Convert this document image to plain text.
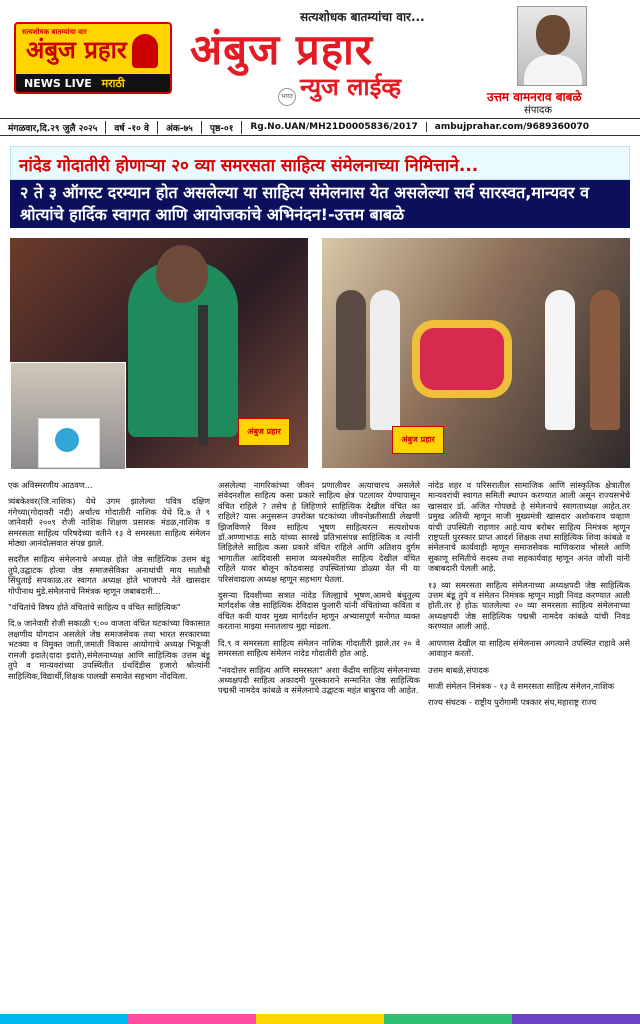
सत्यशोधक बातम्यांचा वार
अंबुज प्रहार
NEWS LIVE मराठी
सत्यशोधक बातम्यांचा वार...
अंबुज प्रहार
न्युज लाईव्ह
भारत	उत्तम वामनराव बाबळे
संपादक
मंगळवार,दि.२९ जुलै २०२५	वर्ष -१० वे	अंक-७५	पृष्ठ-०१	Rg.No.UAN/MH21D0005836/2017	ambujprahar.com/9689360070
नांदेड गोदातीरी होणाऱ्या २० व्या समरसता साहित्य संमेलनाच्या निमित्ताने...
२ ते ३ ऑगस्ट दरम्यान होत असलेल्या या साहित्य संमेलनास येत असलेल्या सर्व सारस्वत,मान्यवर व श्रोत्यांचे हार्दिक स्वागत आणि आयोजकांचे अभिनंदन!-उत्तम बाबळे
अंबुज प्रहार
अंबुज प्रहार

एक अविस्मरणीय आठवण...

त्र्यंबकेश्वर(जि.नाशिक) येथे उगम झालेल्या पवित्र दक्षिण गंगेच्या(गोदावरी नदी) अर्थात्च गोदातीरी नाशिक येथे दि.७ ते ९ जानेवारी २००९ रोजी नाशिक शिक्षण प्रसारक मंडळ,नाशिक व समरसता साहित्य परिषदेच्या वतीने १३ वे समरसता साहित्य संमेलन मोठ्या आनंदोत्सवात संपन्न झाले.

सदरील साहित्य संमेलनाचे अध्यक्ष होते जेष्ठ साहित्यिक उत्तम बंडू तुपे,उद्घाटक होत्या जेष्ठ समाजसेविका अनाथांची माय मातोश्री सिंधुताई सपकाळ.तर स्वागत अध्यक्ष होते भाजपचे नेते खासदार गोपीनाथ मुंडे.संमेलनाचे निमंत्रक म्हणून जबाबदारी...

"वंचितांचे विषय होते वंचितांचे साहित्य व वंचित साहित्यिक"

दि.७ जानेवारी रोजी सकाळी ९:०० वाजता वंचित घटकांच्या विकासात लक्षणीय योगदान असलेले जेष्ठ समाजसेवक तथा भारत सरकारच्या भटक्या व विमुक्त जाती,जमाती विकास आयोगाचे अध्यक्ष भिकूजी रामजी इदाते(दादा इदाते),संमेलनाध्यक्ष आणि साहित्यिक उत्तम बंडू तुपे व मान्यवरांच्या उपस्थितीत ग्रंथदिंडीस हजारो श्रोत्यांनी साहित्यिक,विद्यार्थी,शिक्षक पालखी समावेत सहभाग नोंदविला.

असलेल्या नागरिकांच्या जीवन प्रणालीवर अत्याचारच असलेले संवेदनशील साहित्य कसा प्रकारे साहित्य क्षेत्र पटलावर येण्यापासून वंचित राहिले ? तसेच हे लिहिणारे साहित्यिक देखील वंचित का राहिले? यास अनुसरून उपरोक्त घटकांच्या जीवनोन्नतीसाठी लेखणी झिजविणारे विश्व साहित्य भूषण साहित्यरत्न सत्यशोधक डॉ.अण्णाभाऊ साठे यांच्या सारखे प्रतिभासंपन्न साहित्यिक व त्यांनी लिहिलेले साहित्य कसा प्रकारे वंचित राहिले आणि अतिशय दुर्गम भागातील आदिवासी समाज व्यवस्थेवरील साहित्य देखील वंचित राहिले यावर बोलून कोठवासह उपस्थितांच्या डोळ्या येत मी या परिसंवादाला अध्यक्ष म्हणून सहभाग घेतला.

दुसऱ्या दिवशीच्या सत्रात नांदेड जिल्ह्याचे भूषण,आमचे बंधुतुल्य मार्गदर्शक जेष्ठ साहित्यिक देविदास फुलारी यांनी वंचितांच्या कविता व वंचित कवी यावर मुख्य मार्गदर्शन म्हणून अभ्यासपूर्ण मनोगत व्यक्त करताना माझ्या मनातलाच मुद्दा मांडला.

दि.९ व समरसता साहित्य संमेलन नाशिक गोदातीरी झाले.तर २० वे समरसता साहित्य संमेलन नांदेड गोदातीरी होत आहे.

"नवदोत्तर साहित्य आणि समरसता" अशा केंद्रीय साहित्य संमेलनाच्या अध्यक्षपदी साहित्य अकादमी पुरस्काराने सन्मानित जेष्ठ साहित्यिक पद्मश्री नामदेव कांबळे व संमेलनाचे उद्घाटक महंत बाबुराव जी आहेत.

नांदेड शहर व परिसरातील सामाजिक आणि सांस्कृतिक क्षेत्रातील मान्यवरांची स्वागत समिती स्थापन करण्यात आली असून राज्यसभेचे खासदार डॉ. अजित गोपछडे हे संमेलनाचे स्वागताध्यक्ष आहेत.तर प्रमुख अतिथी म्हणून माजी मुख्यमंत्री खासदार अशोकराव चव्हाण यांची उपस्थिती राहणार आहे.याच बरोबर साहित्य निमंत्रक म्हणून राष्ट्रपती पुरस्कार प्राप्त आदर्श शिक्षक तथा साहित्यिक शिवा कांबळे व संमेलनाचे कार्यवाही म्हणून समाजसेवक माणिकराव भोसले आणि सुकाणू समितीचे सदस्य तथा सहकार्यवाह म्हणून अनंत जोशी यांनी जबाबदारी पेलली आहे.

१३ व्या समरसता साहित्य संमेलनाच्या अध्यक्षपदी जेष्ठ साहित्यिक उत्तम बंडू तुपे व संमेलन निमंत्रक म्हणून माझी निवड करण्यात आली होती.तर हे होऊ घातलेल्या २० व्या समरसता साहित्य संमेलनाच्या अध्यक्षपदी जेष्ठ साहित्यिक पद्मश्री नामदेव कांबळे यांची निवड करण्यात आली आहे.

आपणास देखील या साहित्य संमेलनास अगत्याने उपस्थित राहावे असे आवाहन करतो.

उत्तम बाबळे,संपादक

माजी संमेलन निमंत्रक - १३ वे समरसता साहित्य संमेलन,नाशिक

राज्य संघटक - राष्ट्रीय पुरोगामी पत्रकार संघ,महाराष्ट्र राज्य
